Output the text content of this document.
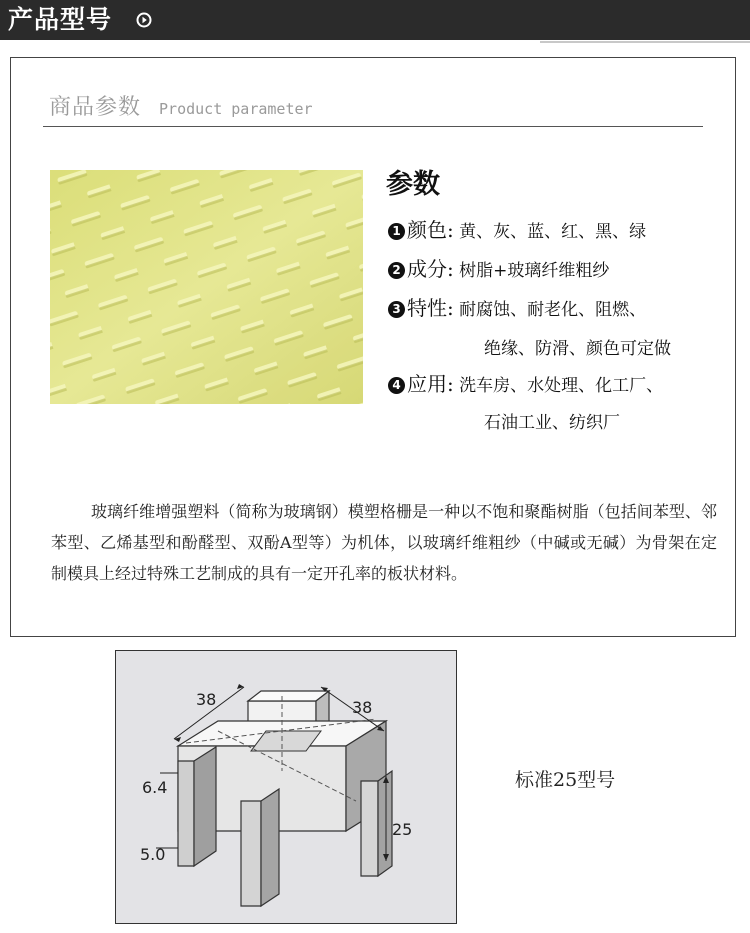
产品型号
商品参数 Product parameter
参数
1 颜色: 黄、灰、蓝、红、黑、绿
2 成分: 树脂+玻璃纤维粗纱
3 特性: 耐腐蚀、耐老化、阻燃、
绝缘、防滑、颜色可定做
4 应用: 洗车房、水处理、化工厂、
石油工业、纺织厂

玻璃纤维增强塑料（简称为玻璃钢）模塑格栅是一种以不饱和聚酯树脂（包括间苯型、邻苯型、乙烯基型和酚醛型、双酚A型等）为机体，以玻璃纤维粗纱（中碱或无碱）为骨架在定制模具上经过特殊工艺制成的具有一定开孔率的板状材料。

38	38
6.4
5.0
25
标准25型号
